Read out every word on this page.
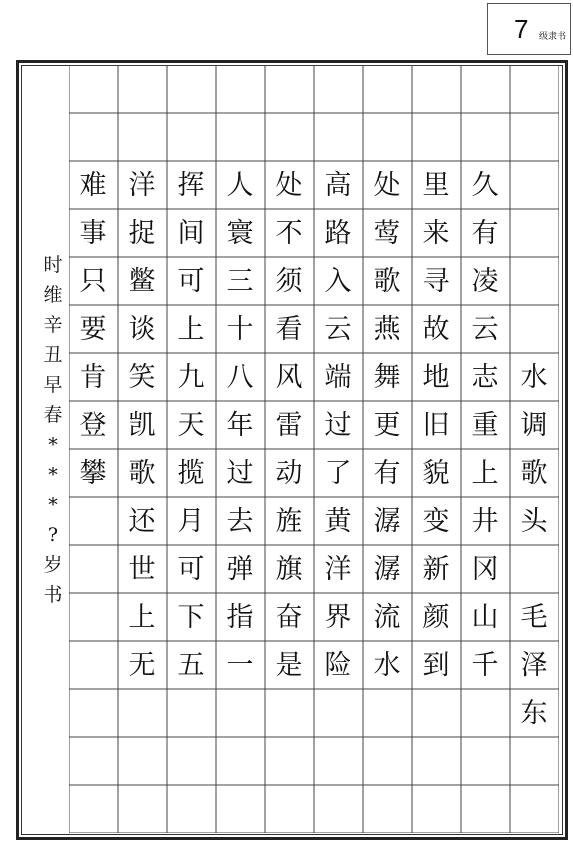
7 级隶书
时
维
辛
丑
早
春
*
*
*
?
岁
书
水
调
歌
头
毛
泽
东
久
有
凌
云
志
重
上
井
冈
山
千
里
来
寻
故
地
旧
貌
变
新
颜
到
处
莺
歌
燕
舞
更
有
潺
潺
流
水
高
路
入
云
端
过
了
黄
洋
界
险
处
不
须
看
风
雷
动
旌
旗
奋
是
人
寰
三
十
八
年
过
去
弹
指
一
挥
间
可
上
九
天
揽
月
可
下
五
洋
捉
鳖
谈
笑
凯
歌
还
世
上
无
难
事
只
要
肯
登
攀
